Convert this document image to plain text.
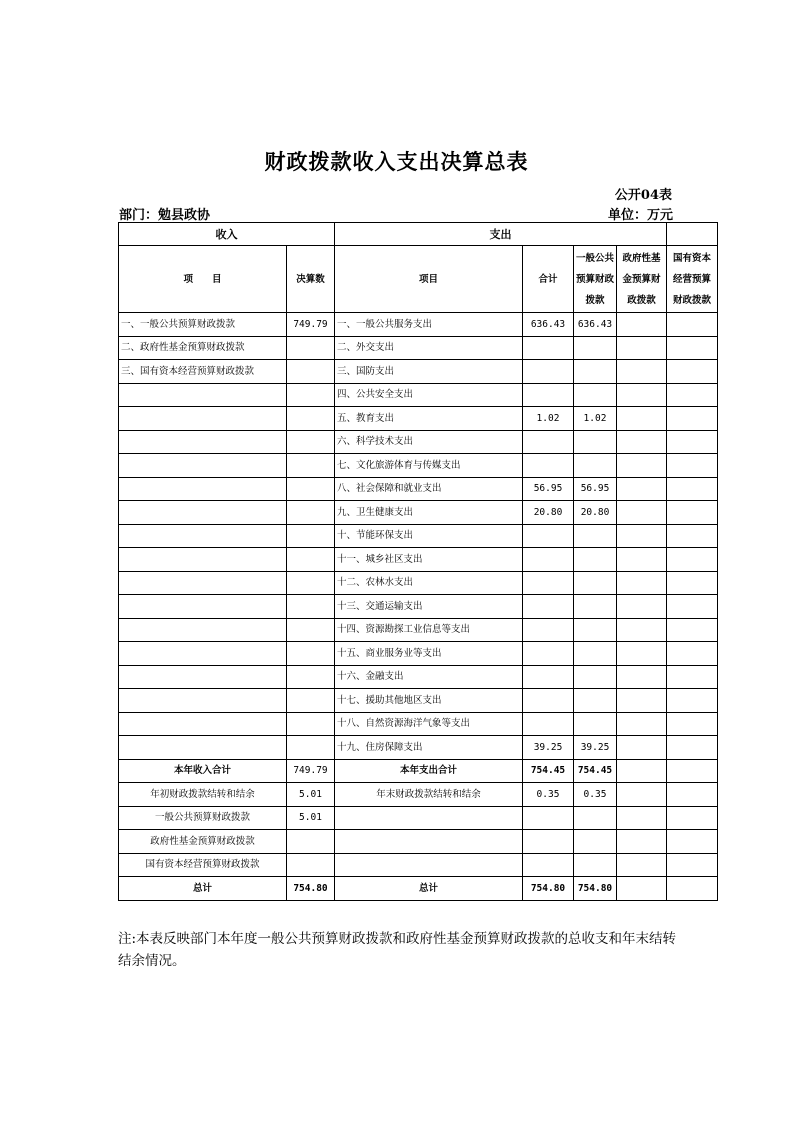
财政拨款收入支出决算总表
公开04表
部门：勉县政协	单位：万元
收入		支出				
项　　目	决算数	项目	合计	一般公共预算财政拨款	政府性基金预算财政拨款	国有资本经营预算财政拨款
一、一般公共预算财政拨款	749.79	一、一般公共服务支出	636.43	636.43		
二、政府性基金预算财政拨款		二、外交支出				
三、国有资本经营预算财政拨款		三、国防支出				
		四、公共安全支出				
		五、教育支出	1.02	1.02		
		六、科学技术支出				
		七、文化旅游体育与传媒支出				
		八、社会保障和就业支出	56.95	56.95		
		九、卫生健康支出	20.80	20.80		
		十、节能环保支出				
		十一、城乡社区支出				
		十二、农林水支出				
		十三、交通运输支出				
		十四、资源勘探工业信息等支出				
		十五、商业服务业等支出				
		十六、金融支出				
		十七、援助其他地区支出				
		十八、自然资源海洋气象等支出				
		十九、住房保障支出	39.25	39.25		
本年收入合计	749.79	本年支出合计	754.45	754.45		
年初财政拨款结转和结余	5.01	年末财政拨款结转和结余	0.35	0.35		
一般公共预算财政拨款	5.01					
政府性基金预算财政拨款						
国有资本经营预算财政拨款						
总计	754.80	总计	754.80	754.80		
注:本表反映部门本年度一般公共预算财政拨款和政府性基金预算财政拨款的总收支和年末结转结余情况。
